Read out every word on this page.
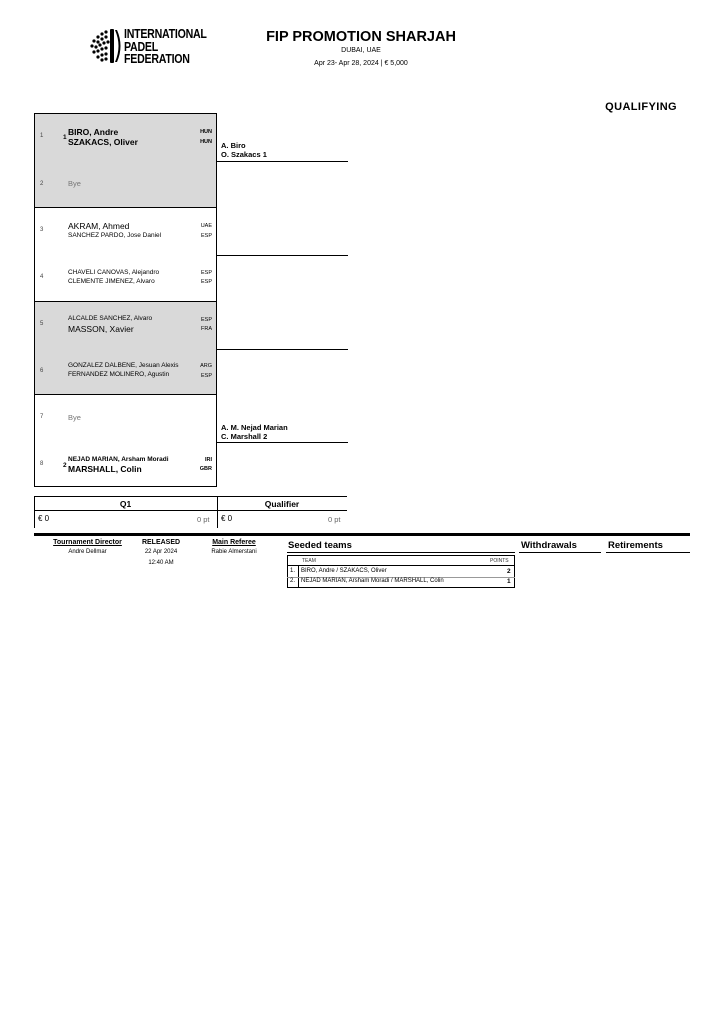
INTERNATIONAL
PADEL
FEDERATION
FIP PROMOTION SHARJAH
DUBAI, UAE
Apr 23- Apr 28, 2024 | € 5,000
QUALIFYING
1	1
BIRO, Andre	HUN
SZAKACS, Oliver	HUN
2	Bye
3	AKRAM, Ahmed	UAE
SANCHEZ PARDO, Jose Daniel	ESP
4
CHAVELI CANOVAS, Alejandro	ESP
CLEMENTE JIMENEZ, Alvaro	ESP
5
ALCALDE SANCHEZ, Alvaro	ESP
MASSON, Xavier	FRA
6
GONZALEZ DALBENE, Jesuan Alexis	ARG
FERNANDEZ MOLINERO, Agustin	ESP
7	Bye
8	2
NEJAD MARIAN, Arsham Moradi	IRI
MARSHALL, Colin	GBR
A. Biro
O. Szakacs 1
A. M. Nejad Marian
C. Marshall 2
Q1	Qualifier
€ 0	0 pt € 0	0 pt
Tournament Director
Andre Dellmar
RELEASED
22 Apr 2024
12:40 AM
Main Referee
Rabie Almerstani
Seeded teams
TEAM	POINTS
1. BIRO, Andre / SZAKACS, Oliver	2
2. NEJAD MARIAN, Arsham Moradi / MARSHALL, Colin	1
Withdrawals	Retirements
